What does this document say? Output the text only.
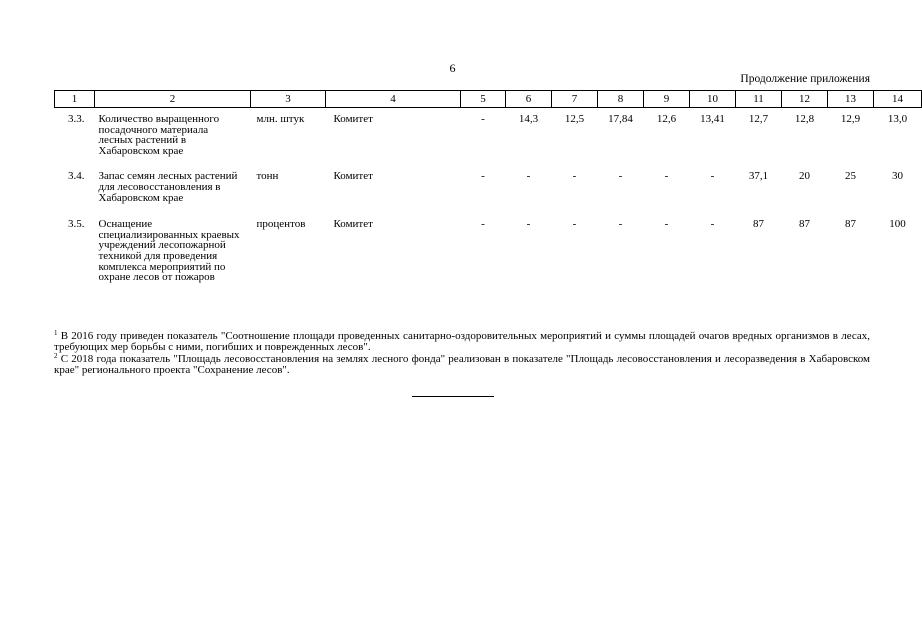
6
Продолжение приложения
1	2	3	4	5	6	7	8	9	10	11	12	13	14
3.3.	Количество выращенного посадочного материала лесных растений в Хабаровском крае	млн. штук	Комитет	-	14,3	12,5	17,84	12,6	13,41	12,7	12,8	12,9	13,0
3.4.	Запас семян лесных растений для лесовосстановления в Хабаровском крае	тонн	Комитет	-	-	-	-	-	-	37,1	20	25	30
3.5.	Оснащение специализированных краевых учреждений лесопожарной техникой для проведения комплекса мероприятий по охране лесов от пожаров	процентов	Комитет	-	-	-	-	-	-	87	87	87	100

$^1$ В 2016 году приведен показатель "Соотношение площади проведенных санитарно-оздоровительных мероприятий и суммы площадей очагов вредных организмов в лесах, требующих мер борьбы с ними, погибших и поврежденных лесов".

$^2$ С 2018 года показатель "Площадь лесовосстановления на землях лесного фонда" реализован в показателе "Площадь лесовосстановления и лесоразведения в Хабаровском крае" регионального проекта "Сохранение лесов".
